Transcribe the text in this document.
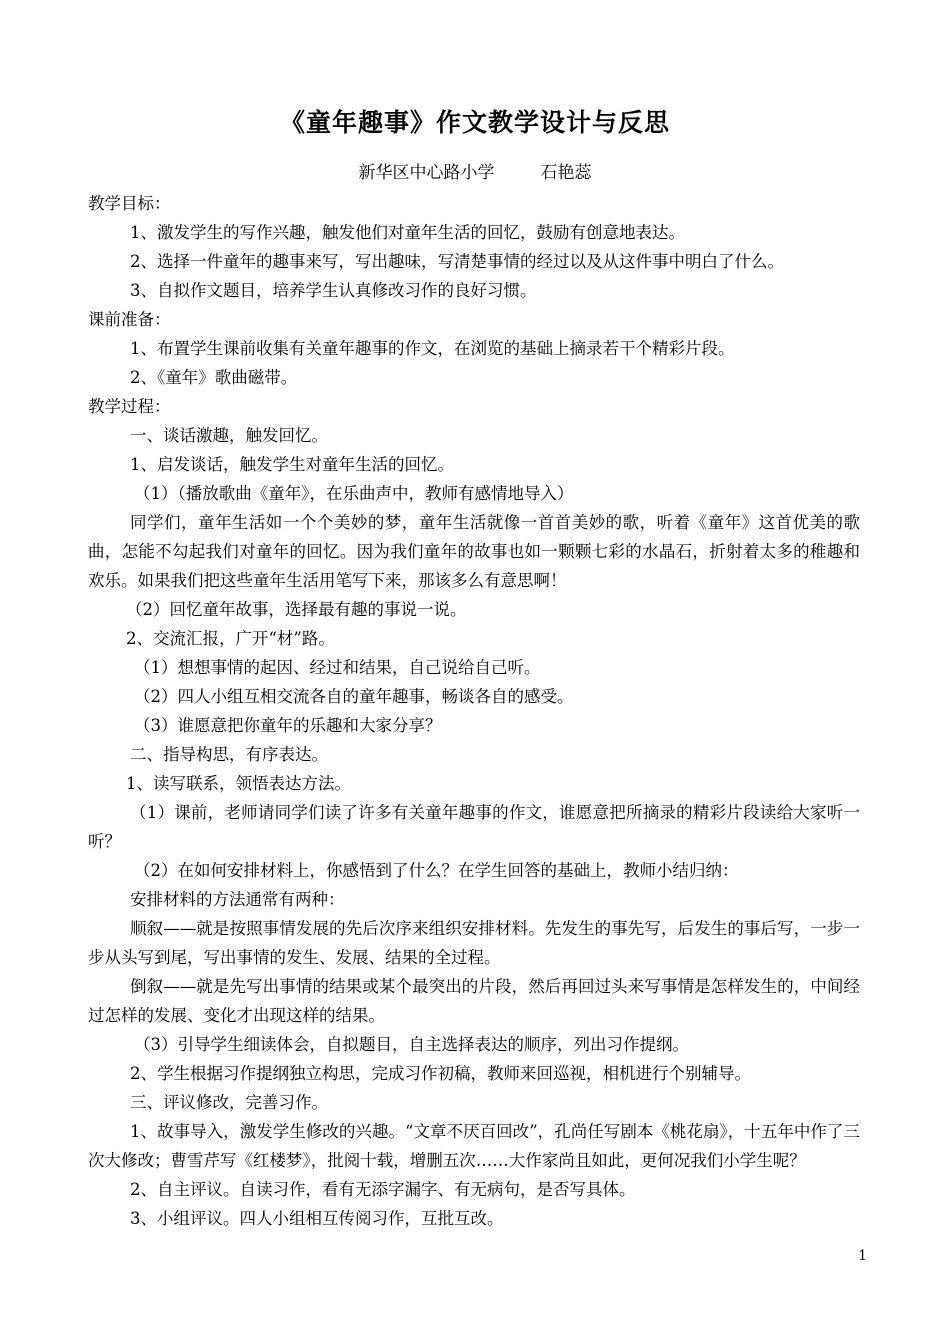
《童年趣事》作文教学设计与反思
新华区中心路小学	石艳蕊

教学目标：

1、激发学生的写作兴趣，触发他们对童年生活的回忆，鼓励有创意地表达。

2、选择一件童年的趣事来写，写出趣味，写清楚事情的经过以及从这件事中明白了什么。

3、自拟作文题目，培养学生认真修改习作的良好习惯。

课前准备：

1、布置学生课前收集有关童年趣事的作文，在浏览的基础上摘录若干个精彩片段。

2、《童年》歌曲磁带。

教学过程：

一、谈话激趣，触发回忆。

1、启发谈话，触发学生对童年生活的回忆。

（1）（播放歌曲《童年》，在乐曲声中，教师有感情地导入）

同学们，童年生活如一个个美妙的梦，童年生活就像一首首美妙的歌，听着《童年》这首优美的歌曲，怎能不勾起我们对童年的回忆。因为我们童年的故事也如一颗颗七彩的水晶石，折射着太多的稚趣和欢乐。如果我们把这些童年生活用笔写下来，那该多么有意思啊！

（2）回忆童年故事，选择最有趣的事说一说。

2、交流汇报，广开“材”路。

（1）想想事情的起因、经过和结果，自己说给自己听。

（2）四人小组互相交流各自的童年趣事，畅谈各自的感受。

（3）谁愿意把你童年的乐趣和大家分享？

二、指导构思，有序表达。

1、读写联系，领悟表达方法。

（1）课前，老师请同学们读了许多有关童年趣事的作文，谁愿意把所摘录的精彩片段读给大家听一听？

（2）在如何安排材料上，你感悟到了什么？在学生回答的基础上，教师小结归纳：

安排材料的方法通常有两种：

顺叙——就是按照事情发展的先后次序来组织安排材料。先发生的事先写，后发生的事后写，一步一步从头写到尾，写出事情的发生、发展、结果的全过程。

倒叙——就是先写出事情的结果或某个最突出的片段，然后再回过头来写事情是怎样发生的，中间经过怎样的发展、变化才出现这样的结果。

（3）引导学生细读体会，自拟题目，自主选择表达的顺序，列出习作提纲。

2、学生根据习作提纲独立构思，完成习作初稿，教师来回巡视，相机进行个别辅导。

三、评议修改，完善习作。

1、故事导入，激发学生修改的兴趣。“文章不厌百回改”，孔尚任写剧本《桃花扇》，十五年中作了三次大修改；曹雪芹写《红楼梦》，批阅十载，增删五次……大作家尚且如此，更何况我们小学生呢？

2、自主评议。自读习作，看有无添字漏字、有无病句，是否写具体。

3、小组评议。四人小组相互传阅习作，互批互改。

1
